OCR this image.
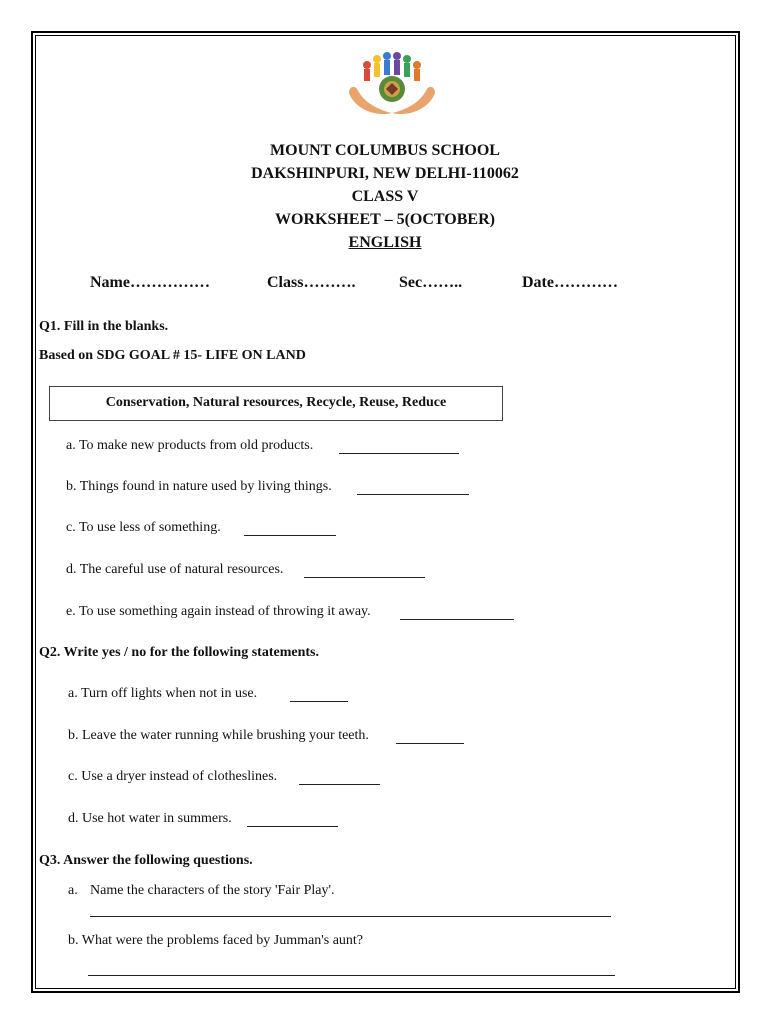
MOUNT COLUMBUS SCHOOL
DAKSHINPURI, NEW DELHI-110062
CLASS V
WORKSHEET – 5(OCTOBER)
ENGLISH
Name……………	Class……….	Sec……..	Date…………
Q1. Fill in the blanks.
Based on SDG GOAL # 15- LIFE ON LAND
Conservation, Natural resources, Recycle, Reuse, Reduce
a. To make new products from old products.
b. Things found in nature used by living things.
c. To use less of something.
d. The careful use of natural resources.
e. To use something again instead of throwing it away.
Q2. Write yes / no for the following statements.
a. Turn off lights when not in use.
b. Leave the water running while brushing your teeth.
c. Use a dryer instead of clotheslines.
d. Use hot water in summers.
Q3. Answer the following questions.
a. Name the characters of the story 'Fair Play'.
b. What were the problems faced by Jumman's aunt?
